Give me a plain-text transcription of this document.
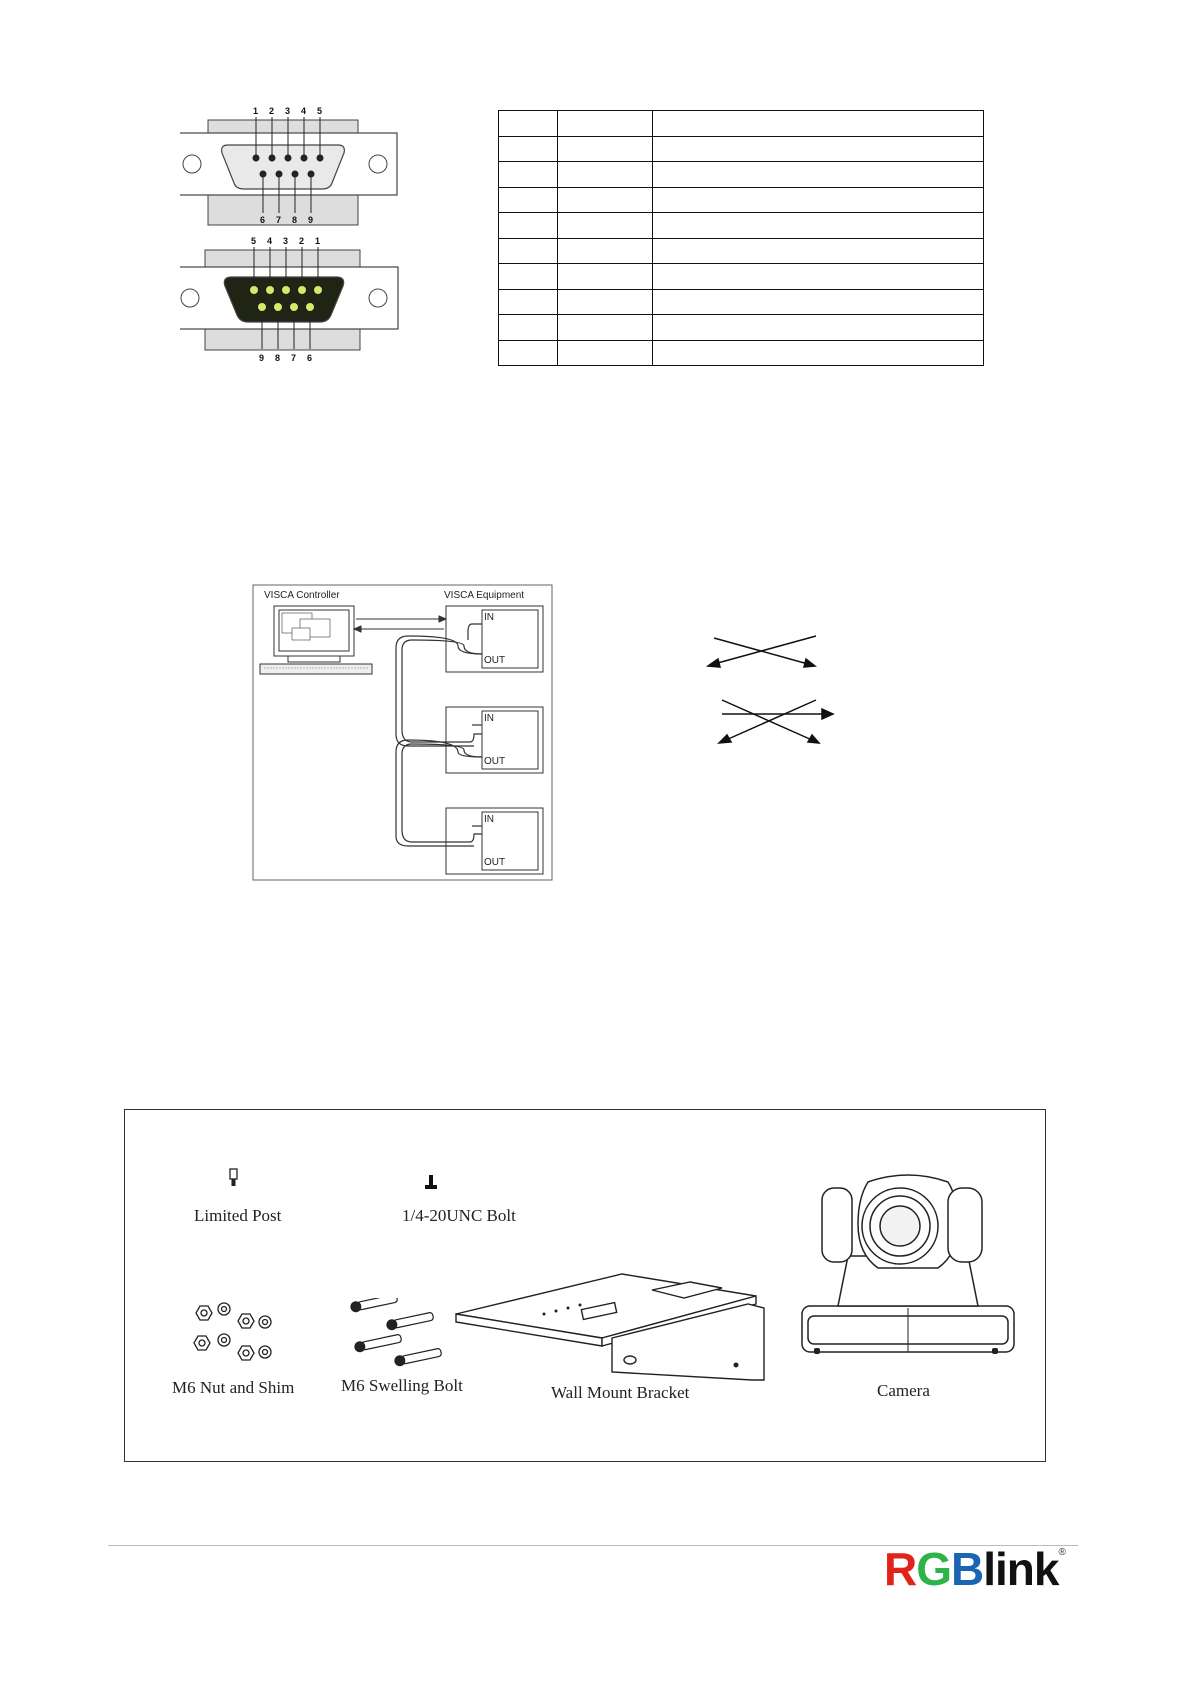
1 2 3 4 5
6 7 8 9
5 4 3 2 1
9 8 7 6

VISCA Controller	VISCA Equipment
IN
OUT
IN
OUT
IN
OUT
Limited Post	1/4-20UNC Bolt
M6 Nut and Shim	M6 Swelling Bolt	Wall Mount Bracket	Camera
RGBlink®
